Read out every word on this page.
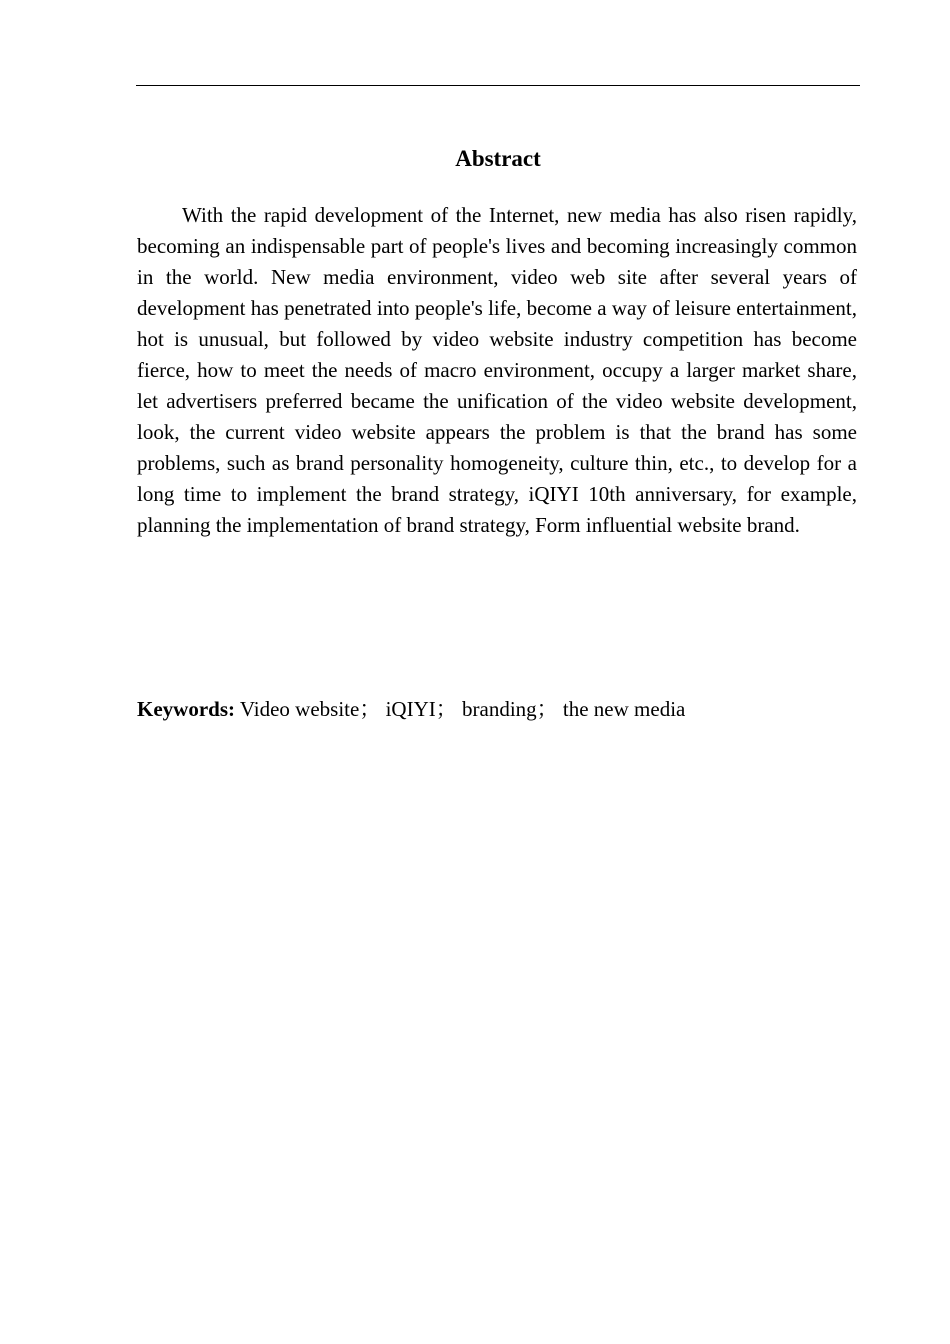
Abstract

With the rapid development of the Internet, new media has also risen rapidly, becoming an indispensable part of people's lives and becoming increasingly common in the world. New media environment, video web site after several years of development has penetrated into people's life, become a way of leisure entertainment, hot is unusual, but followed by video website industry competition has become fierce, how to meet the needs of macro environment, occupy a larger market share, let advertisers preferred became the unification of the video website development, look, the current video website appears the problem is that the brand has some problems, such as brand personality homogeneity, culture thin, etc., to develop for a long time to implement the brand strategy, iQIYI 10th anniversary, for example, planning the implementation of brand strategy, Form influential website brand.

Keywords: Video website； iQIYI； branding； the new media
